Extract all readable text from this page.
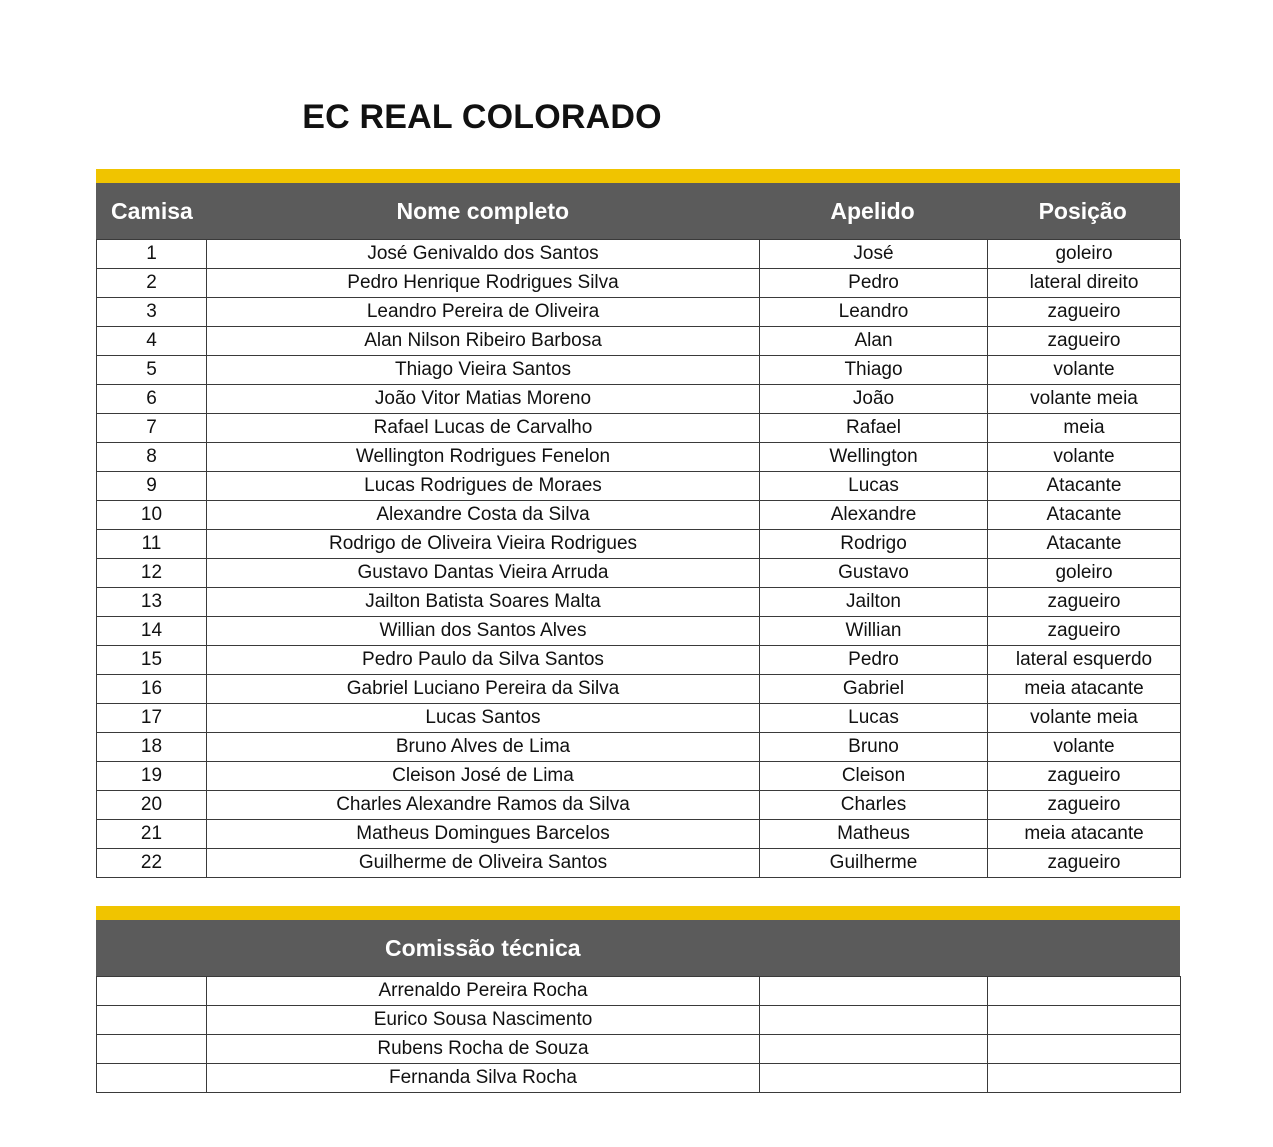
EC REAL COLORADO
Camisa	Nome completo	Apelido	Posição
1	José Genivaldo dos Santos	José	goleiro
2	Pedro Henrique Rodrigues Silva	Pedro	lateral direito
3	Leandro Pereira de Oliveira	Leandro	zagueiro
4	Alan Nilson Ribeiro Barbosa	Alan	zagueiro
5	Thiago Vieira Santos	Thiago	volante
6	João Vitor Matias Moreno	João	volante meia
7	Rafael Lucas de Carvalho	Rafael	meia
8	Wellington Rodrigues Fenelon	Wellington	volante
9	Lucas Rodrigues de Moraes	Lucas	Atacante
10	Alexandre Costa da Silva	Alexandre	Atacante
11	Rodrigo de Oliveira Vieira Rodrigues	Rodrigo	Atacante
12	Gustavo Dantas Vieira Arruda	Gustavo	goleiro
13	Jailton Batista Soares Malta	Jailton	zagueiro
14	Willian dos Santos Alves	Willian	zagueiro
15	Pedro Paulo da Silva Santos	Pedro	lateral esquerdo
16	Gabriel Luciano Pereira da Silva	Gabriel	meia atacante
17	Lucas Santos	Lucas	volante meia
18	Bruno Alves de Lima	Bruno	volante
19	Cleison José de Lima	Cleison	zagueiro
20	Charles Alexandre Ramos da Silva	Charles	zagueiro
21	Matheus Domingues Barcelos	Matheus	meia atacante
22	Guilherme de Oliveira Santos	Guilherme	zagueiro
Comissão técnica
	Arrenaldo Pereira Rocha		
	Eurico Sousa Nascimento		
	Rubens Rocha de Souza		
	Fernanda Silva Rocha		
